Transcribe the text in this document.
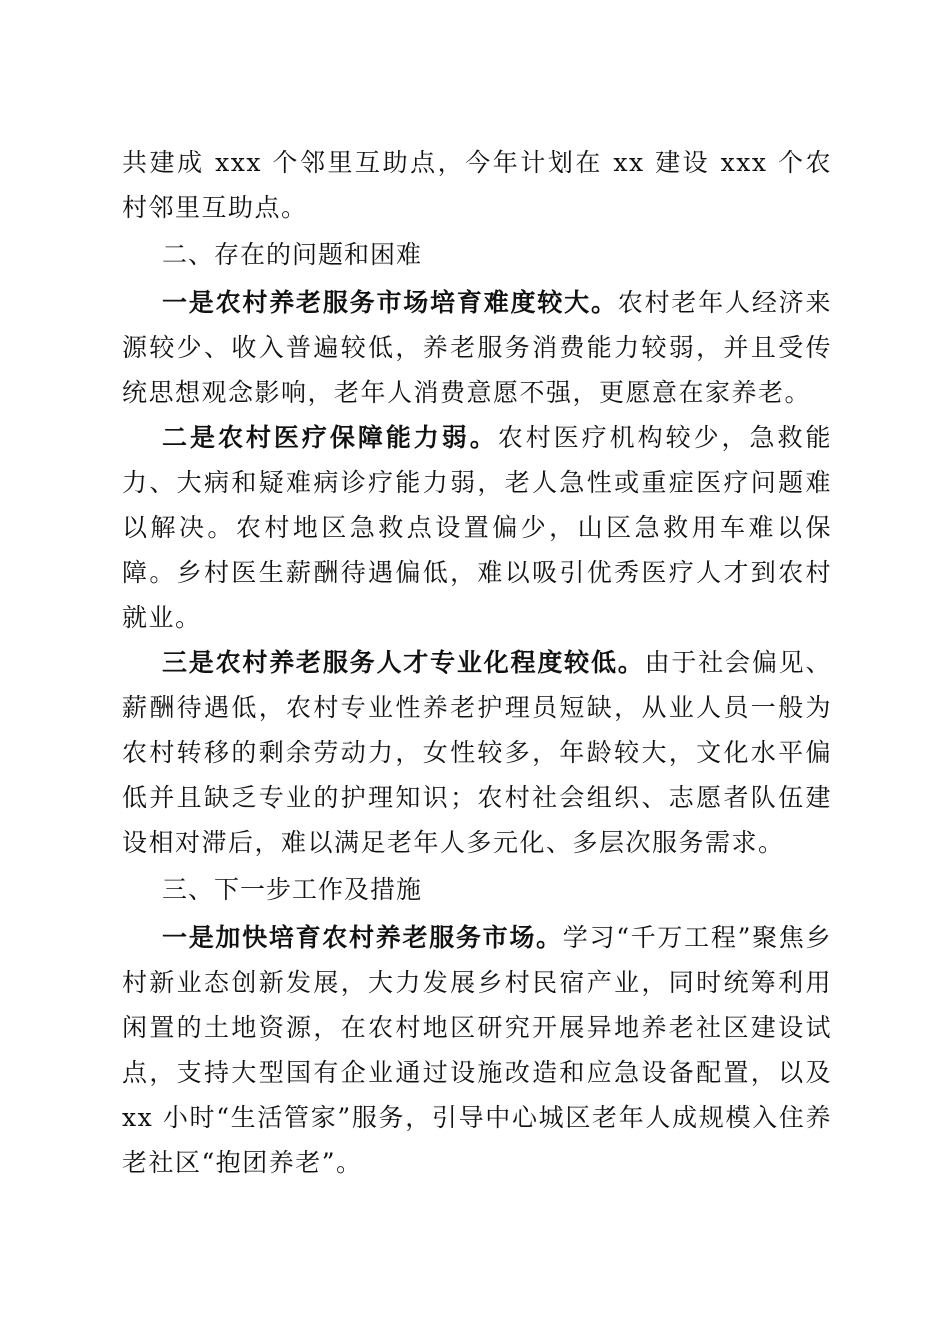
共建成 xxx 个邻里互助点，今年计划在 xx 建设 xxx 个农村邻里互助点。

二、存在的问题和困难

一是农村养老服务市场培育难度较大。农村老年人经济来源较少、收入普遍较低，养老服务消费能力较弱，并且受传统思想观念影响，老年人消费意愿不强，更愿意在家养老。

二是农村医疗保障能力弱。农村医疗机构较少，急救能力、大病和疑难病诊疗能力弱，老人急性或重症医疗问题难以解决。农村地区急救点设置偏少，山区急救用车难以保障。乡村医生薪酬待遇偏低，难以吸引优秀医疗人才到农村就业。

三是农村养老服务人才专业化程度较低。由于社会偏见、薪酬待遇低，农村专业性养老护理员短缺，从业人员一般为农村转移的剩余劳动力，女性较多，年龄较大，文化水平偏低并且缺乏专业的护理知识；农村社会组织、志愿者队伍建设相对滞后，难以满足老年人多元化、多层次服务需求。

三、下一步工作及措施

一是加快培育农村养老服务市场。学习“千万工程”聚焦乡村新业态创新发展，大力发展乡村民宿产业，同时统筹利用闲置的土地资源，在农村地区研究开展异地养老社区建设试点，支持大型国有企业通过设施改造和应急设备配置，以及 xx 小时“生活管家”服务，引导中心城区老年人成规模入住养老社区“抱团养老”。
